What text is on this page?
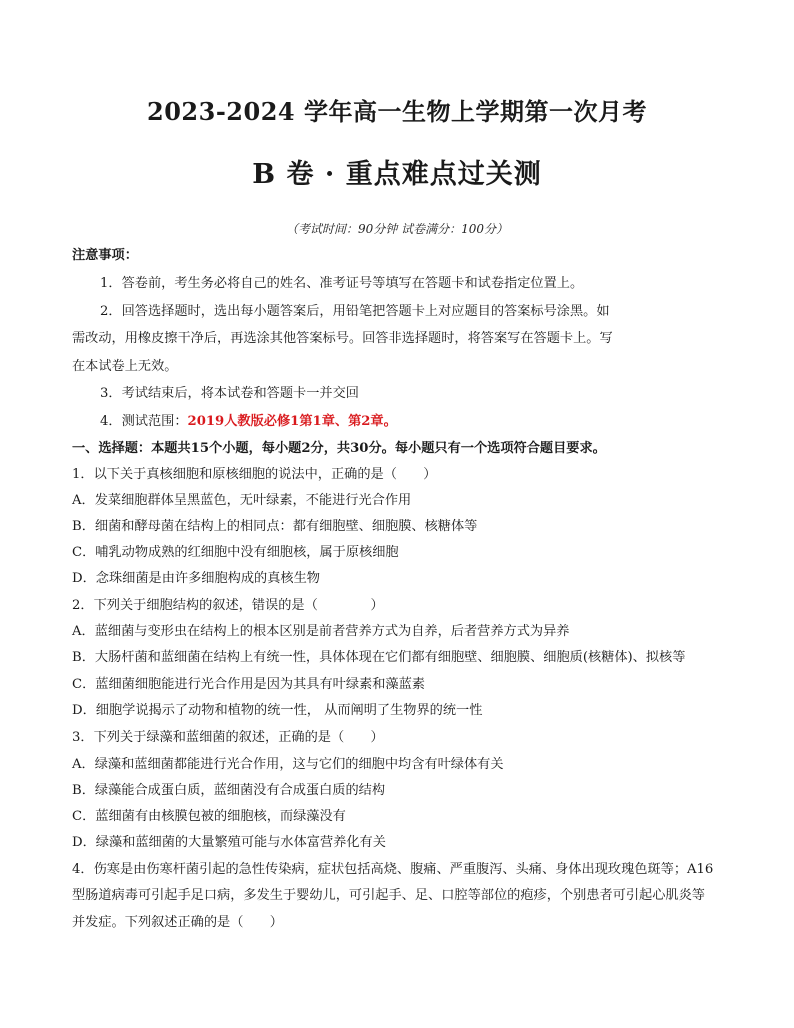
2023-2024 学年高一生物上学期第一次月考
B 卷 · 重点难点过关测
（考试时间：90分钟 试卷满分：100分）
注意事项：
1．答卷前，考生务必将自己的姓名、准考证号等填写在答题卡和试卷指定位置上。
2．回答选择题时，选出每小题答案后，用铅笔把答题卡上对应题目的答案标号涂黑。如
需改动，用橡皮擦干净后，再选涂其他答案标号。回答非选择题时，将答案写在答题卡上。写
在本试卷上无效。
3．考试结束后，将本试卷和答题卡一并交回
4．测试范围：2019人教版必修1第1章、第2章。
一、选择题：本题共15个小题，每小题2分，共30分。每小题只有一个选项符合题目要求。
1．以下关于真核细胞和原核细胞的说法中，正确的是（　　）
A．发菜细胞群体呈黑蓝色，无叶绿素，不能进行光合作用
B．细菌和酵母菌在结构上的相同点：都有细胞壁、细胞膜、核糖体等
C．哺乳动物成熟的红细胞中没有细胞核，属于原核细胞
D．念珠细菌是由许多细胞构成的真核生物
2．下列关于细胞结构的叙述，错误的是（　　　　）
A．蓝细菌与变形虫在结构上的根本区别是前者营养方式为自养，后者营养方式为异养
B．大肠杆菌和蓝细菌在结构上有统一性，具体体现在它们都有细胞壁、细胞膜、细胞质(核糖体)、拟核等
C．蓝细菌细胞能进行光合作用是因为其具有叶绿素和藻蓝素
D．细胞学说揭示了动物和植物的统一性， 从而阐明了生物界的统一性
3．下列关于绿藻和蓝细菌的叙述，正确的是（　　）
A．绿藻和蓝细菌都能进行光合作用，这与它们的细胞中均含有叶绿体有关
B．绿藻能合成蛋白质，蓝细菌没有合成蛋白质的结构
C．蓝细菌有由核膜包被的细胞核，而绿藻没有
D．绿藻和蓝细菌的大量繁殖可能与水体富营养化有关
4．伤寒是由伤寒杆菌引起的急性传染病，症状包括高烧、腹痛、严重腹泻、头痛、身体出现玫瑰色斑等；A16
型肠道病毒可引起手足口病，多发生于婴幼儿，可引起手、足、口腔等部位的疱疹，个别患者可引起心肌炎等
并发症。下列叙述正确的是（　　）
